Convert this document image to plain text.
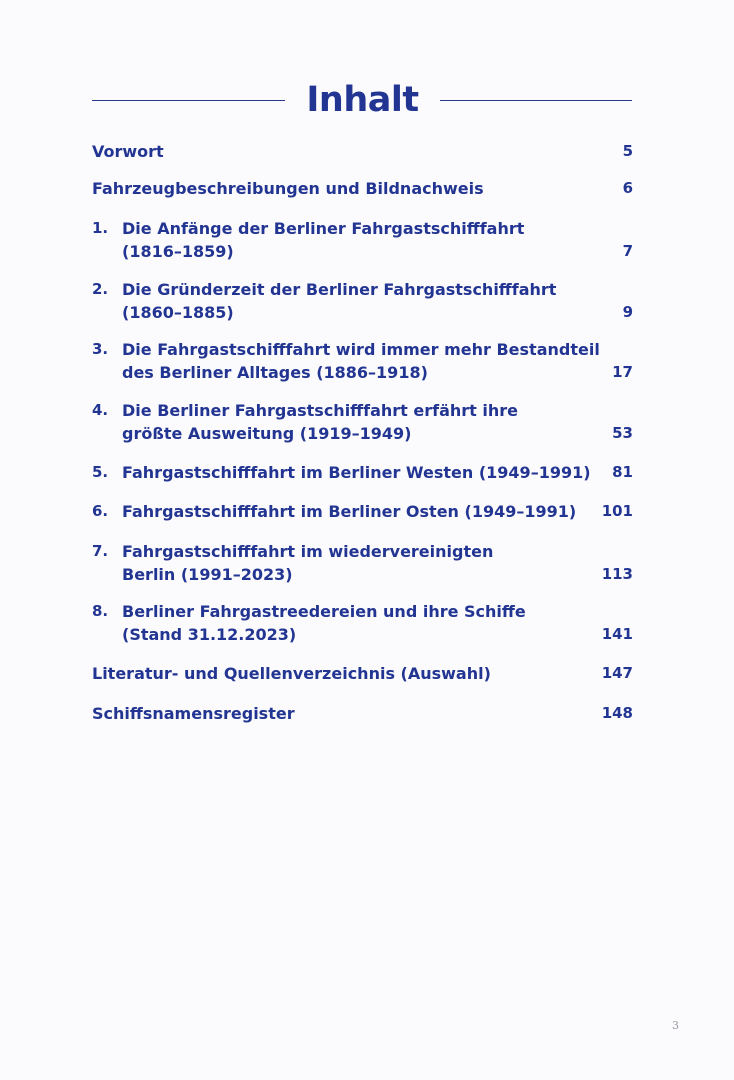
Inhalt
Vorwort	5
Fahrzeugbeschreibungen und Bildnachweis	6
1. Die Anfänge der Berliner Fahrgastschifffahrt
(1816–1859)	7
2. Die Gründerzeit der Berliner Fahrgastschifffahrt
(1860–1885)	9
3. Die Fahrgastschifffahrt wird immer mehr Bestandteil
des Berliner Alltages (1886–1918)	17
4. Die Berliner Fahrgastschifffahrt erfährt ihre
größte Ausweitung (1919–1949)	53
5. Fahrgastschifffahrt im Berliner Westen (1949–1991) 81
6. Fahrgastschifffahrt im Berliner Osten (1949–1991)	101
7. Fahrgastschifffahrt im wiedervereinigten
Berlin (1991–2023)	113
8. Berliner Fahrgastreedereien und ihre Schiffe
(Stand 31.12.2023)	141
Literatur- und Quellenverzeichnis (Auswahl)	147
Schiffsnamensregister	148
3
